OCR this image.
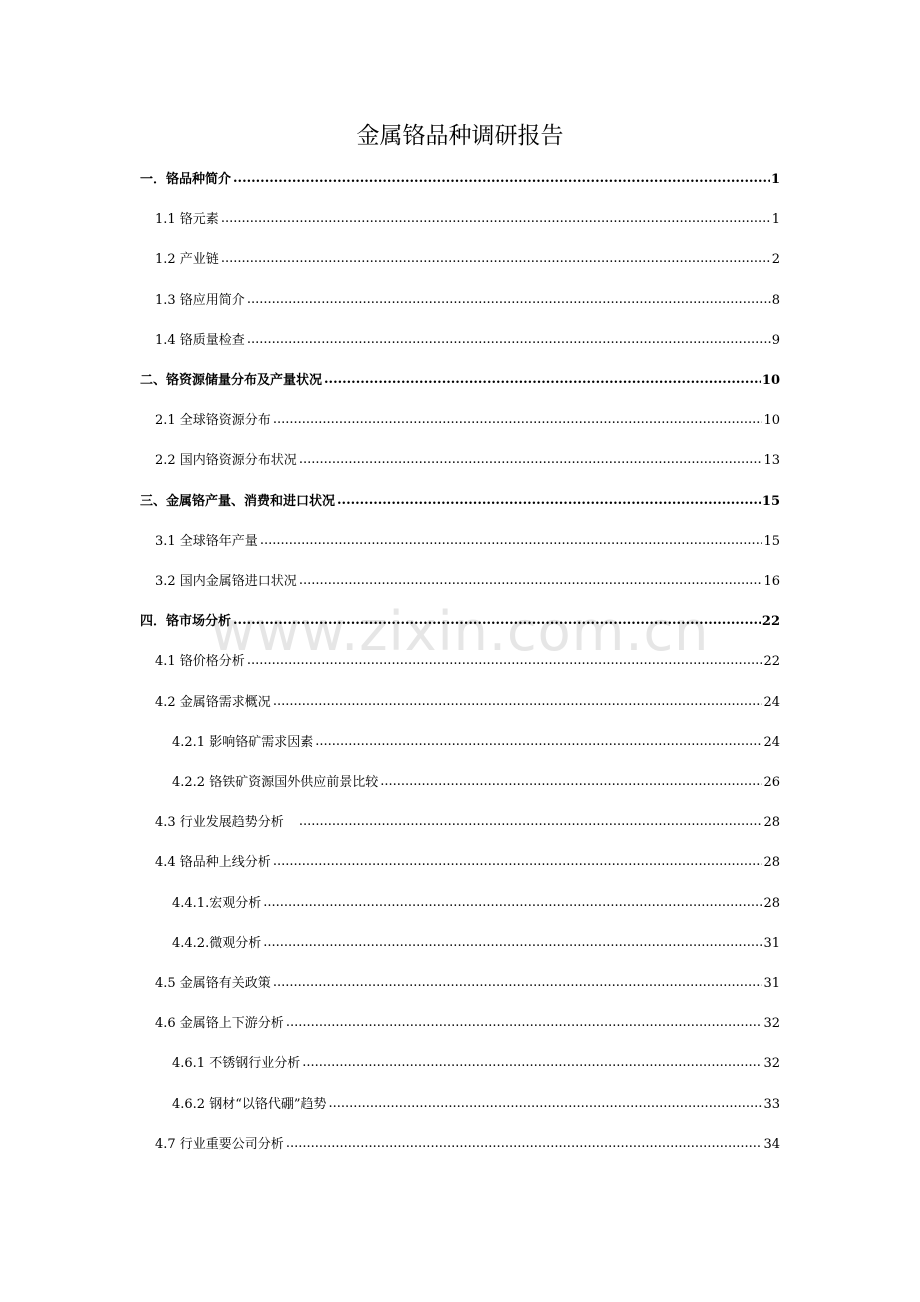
www.zixin.com.cn
金属铬品种调研报告
一．铬品种简介 .....	1
1.1 铬元素 .....	1
1.2 产业链 .....	2
1.3 铬应用简介 .....	8
1.4 铬质量检查 .....	9
二、铬资源储量分布及产量状况 .....	10
2.1 全球铬资源分布 .....	10
2.2 国内铬资源分布状况 .....	13
三、金属铬产量、消费和进口状况 .....	15
3.1 全球铬年产量 .....	15
3.2 国内金属铬进口状况 .....	16
四．铬市场分析 .....	22
4.1 铬价格分析 .....	22
4.2 金属铬需求概况 .....	24
4.2.1 影响铬矿需求因素 .....	24
4.2.2 铬铁矿资源国外供应前景比较 .....	26
4.3 行业发展趋势分析　 .....	28
4.4 铬品种上线分析 .....	28
4.4.1.宏观分析 .....	28
4.4.2.微观分析 .....	31
4.5 金属铬有关政策 .....	31
4.6 金属铬上下游分析 .....	32
4.6.1 不锈钢行业分析 .....	32
4.6.2 钢材“以铬代硼”趋势 .....	33
4.7 行业重要公司分析 .....	34
